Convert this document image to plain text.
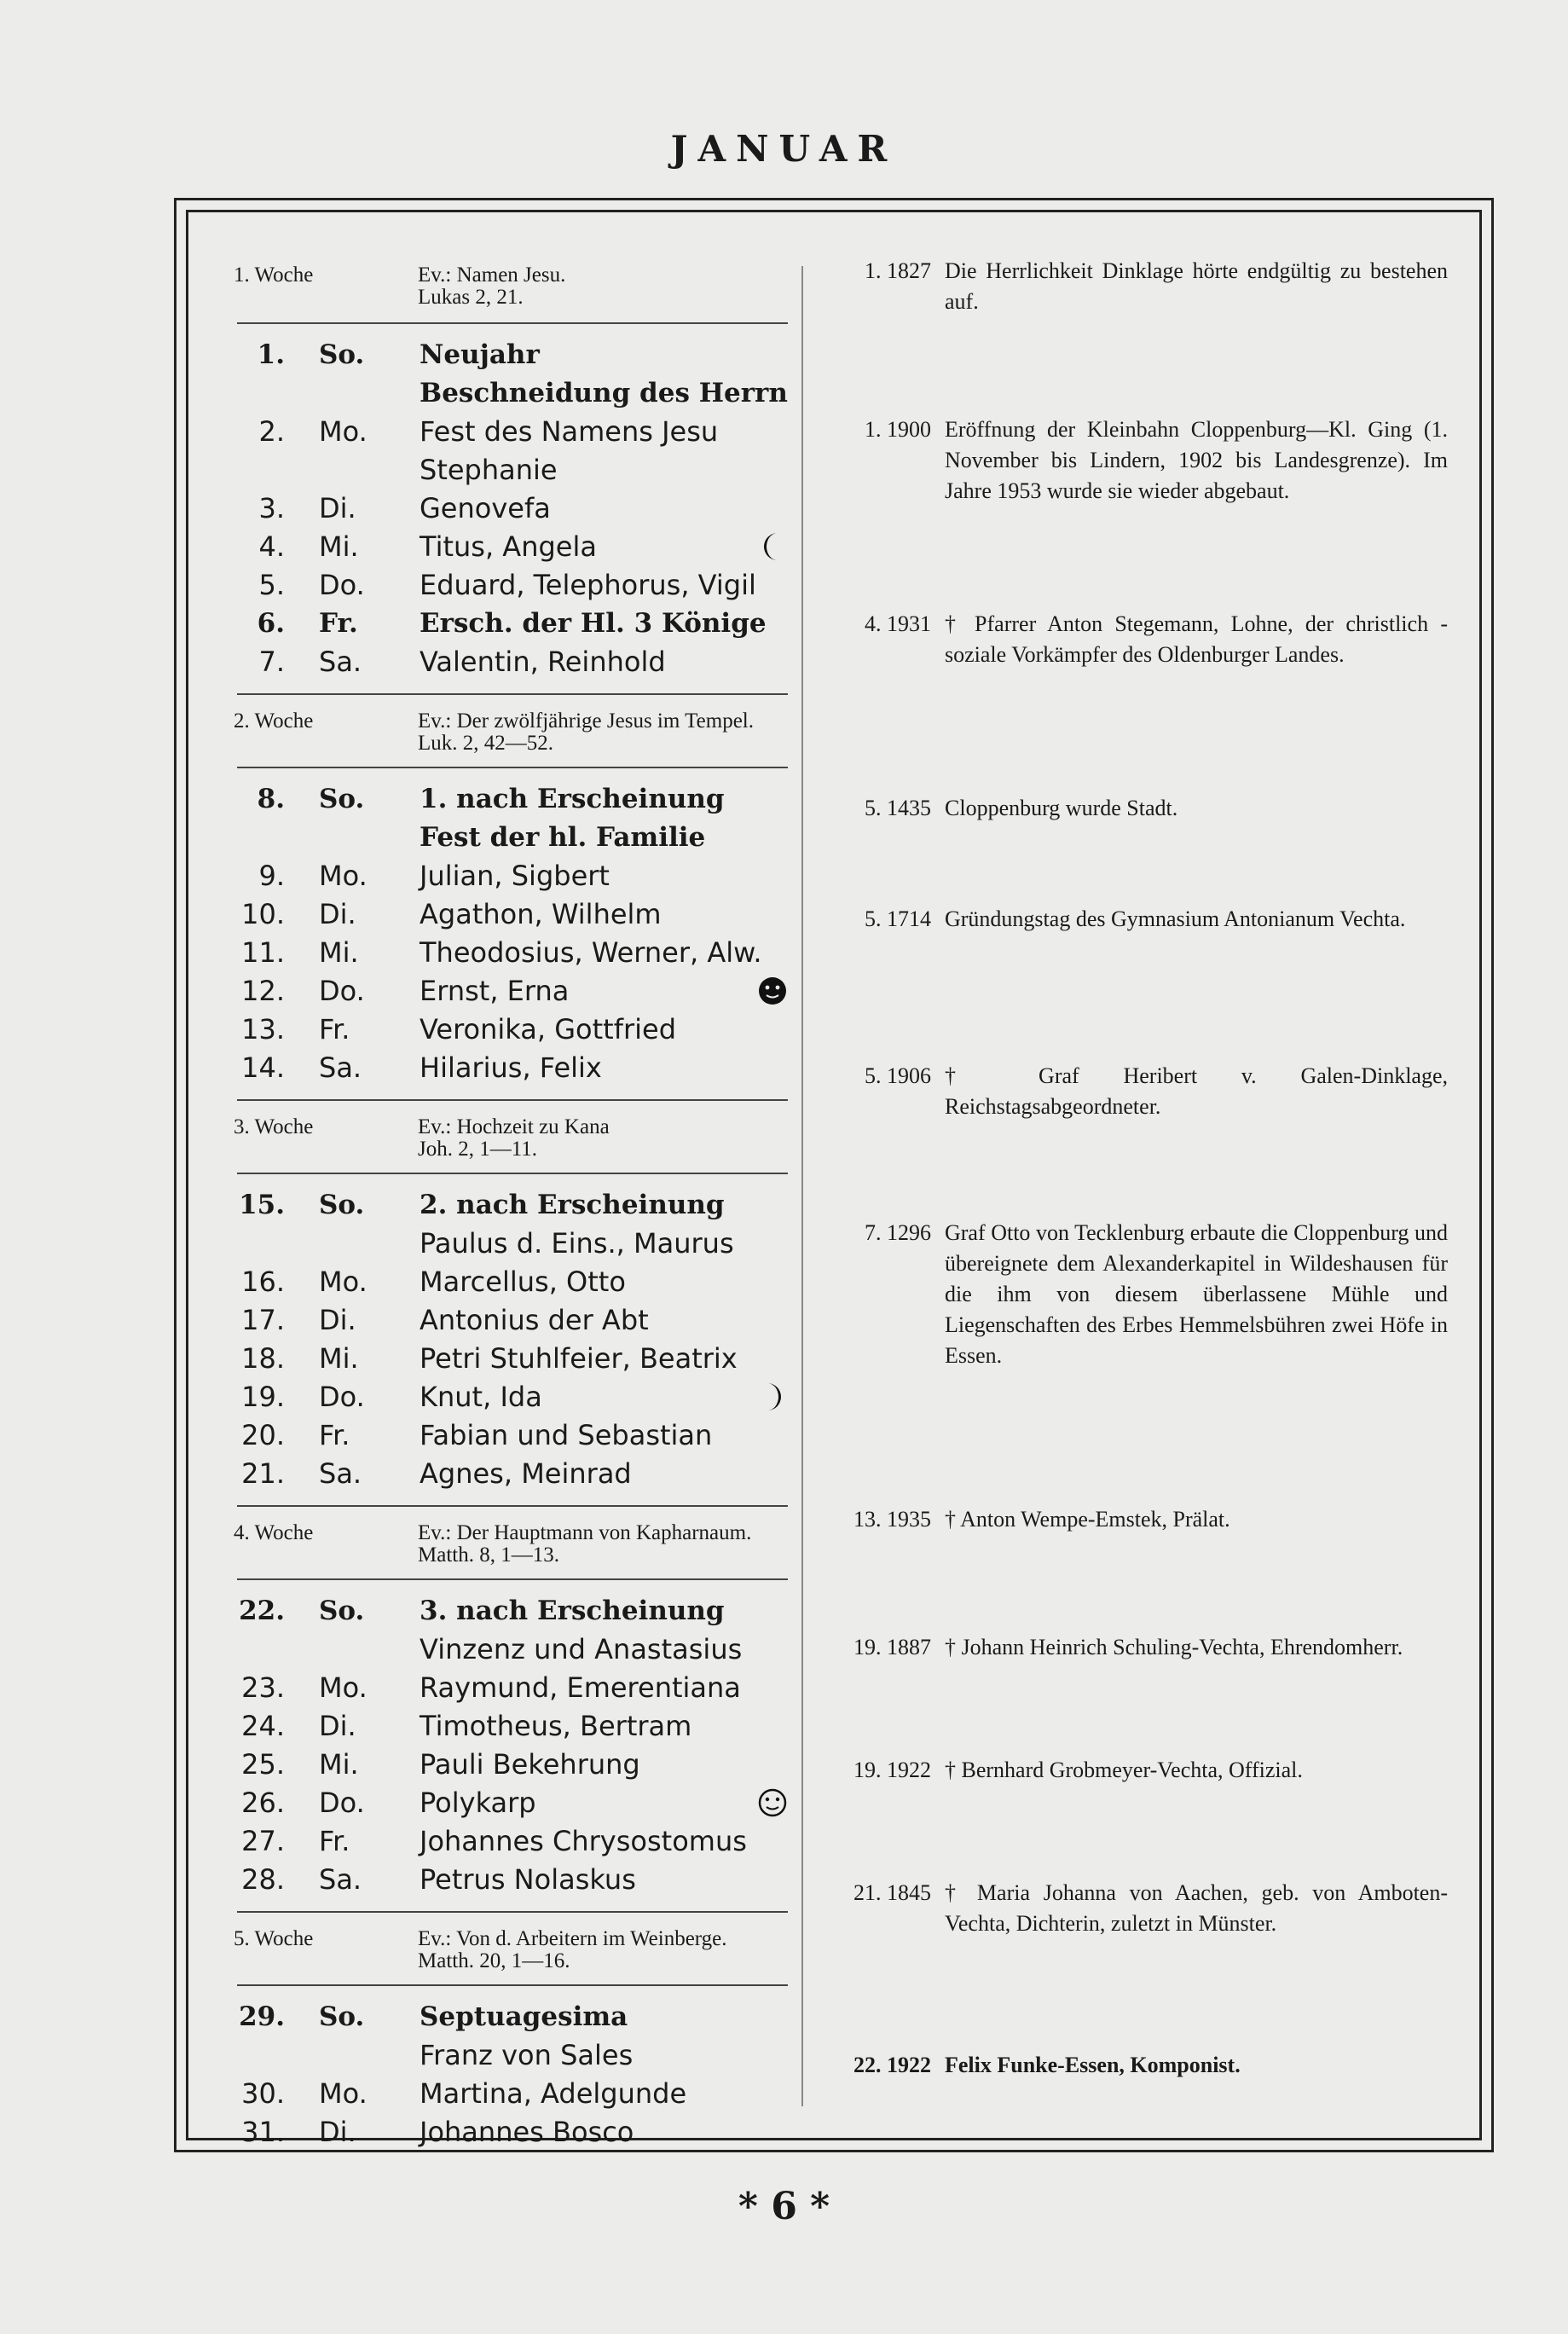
JANUAR
1. Woche	Ev.: Namen Jesu.
Lukas 2, 21.
1. So. Neujahr
Beschneidung des Herrn
2. Mo. Fest des Namens Jesu
Stephanie
3. Di. Genovefa
4. Mi. Titus, Angela
5. Do. Eduard, Telephorus, Vigil
6. Fr. Ersch. der Hl. 3 Könige
7. Sa. Valentin, Reinhold
2. Woche	Ev.: Der zwölfjährige Jesus im Tempel. Luk. 2, 42—52.
8. So. 1. nach Erscheinung
Fest der hl. Familie
9. Mo. Julian, Sigbert
10. Di. Agathon, Wilhelm
11. Mi. Theodosius, Werner, Alw.
12. Do. Ernst, Erna
13. Fr.	Veronika, Gottfried
14. Sa. Hilarius, Felix
3. Woche	Ev.: Hochzeit zu Kana
Joh. 2, 1—11.
15. So. 2. nach Erscheinung
Paulus d. Eins., Maurus
16. Mo. Marcellus, Otto
17. Di. Antonius der Abt
18. Mi. Petri Stuhlfeier, Beatrix
19. Do. Knut, Ida
20. Fr.	Fabian und Sebastian
21. Sa. Agnes, Meinrad
4. Woche	Ev.: Der Hauptmann von Kapharnaum. Matth. 8, 1—13.
22. So. 3. nach Erscheinung
Vinzenz und Anastasius
23. Mo. Raymund, Emerentiana
24. Di. Timotheus, Bertram
25. Mi. Pauli Bekehrung
26. Do. Polykarp
27. Fr.	Johannes Chrysostomus
28. Sa. Petrus Nolaskus
5. Woche	Ev.: Von d. Arbeitern im Weinberge. Matth. 20, 1—16.
29. So. Septuagesima
Franz von Sales
30. Mo. Martina, Adelgunde
31. Di. Johannes Bosco
1. 1827 Die Herrlichkeit Dinklage hörte endgültig zu bestehen auf.
1. 1900 Eröffnung der Kleinbahn Cloppenburg—Kl. Ging (1. November bis Lindern, 1902 bis Landesgrenze). Im Jahre 1953 wurde sie wieder abgebaut.
4. 1931 † Pfarrer Anton Stegemann, Lohne, der christlich - soziale Vorkämpfer des Oldenburger Landes.
5. 1435 Cloppenburg wurde Stadt.
5. 1714 Gründungstag des Gymnasium Antonianum Vechta.
5. 1906 † Graf Heribert v. Galen-Dinklage, Reichstagsabgeordneter.
7. 1296 Graf Otto von Tecklenburg erbaute die Cloppenburg und übereignete dem Alexanderkapitel in Wildeshausen für die ihm von diesem überlassene Mühle und Liegenschaften des Erbes Hemmelsbühren zwei Höfe in Essen.
13. 1935 † Anton Wempe-Emstek, Prälat.
19. 1887 † Johann Heinrich Schuling-Vechta, Ehrendomherr.
19. 1922 † Bernhard Grobmeyer-Vechta, Offizial.
21. 1845 † Maria Johanna von Aachen, geb. von Amboten-Vechta, Dichterin, zuletzt in Münster.
22. 1922 Felix Funke-Essen, Komponist.
* 6 *
